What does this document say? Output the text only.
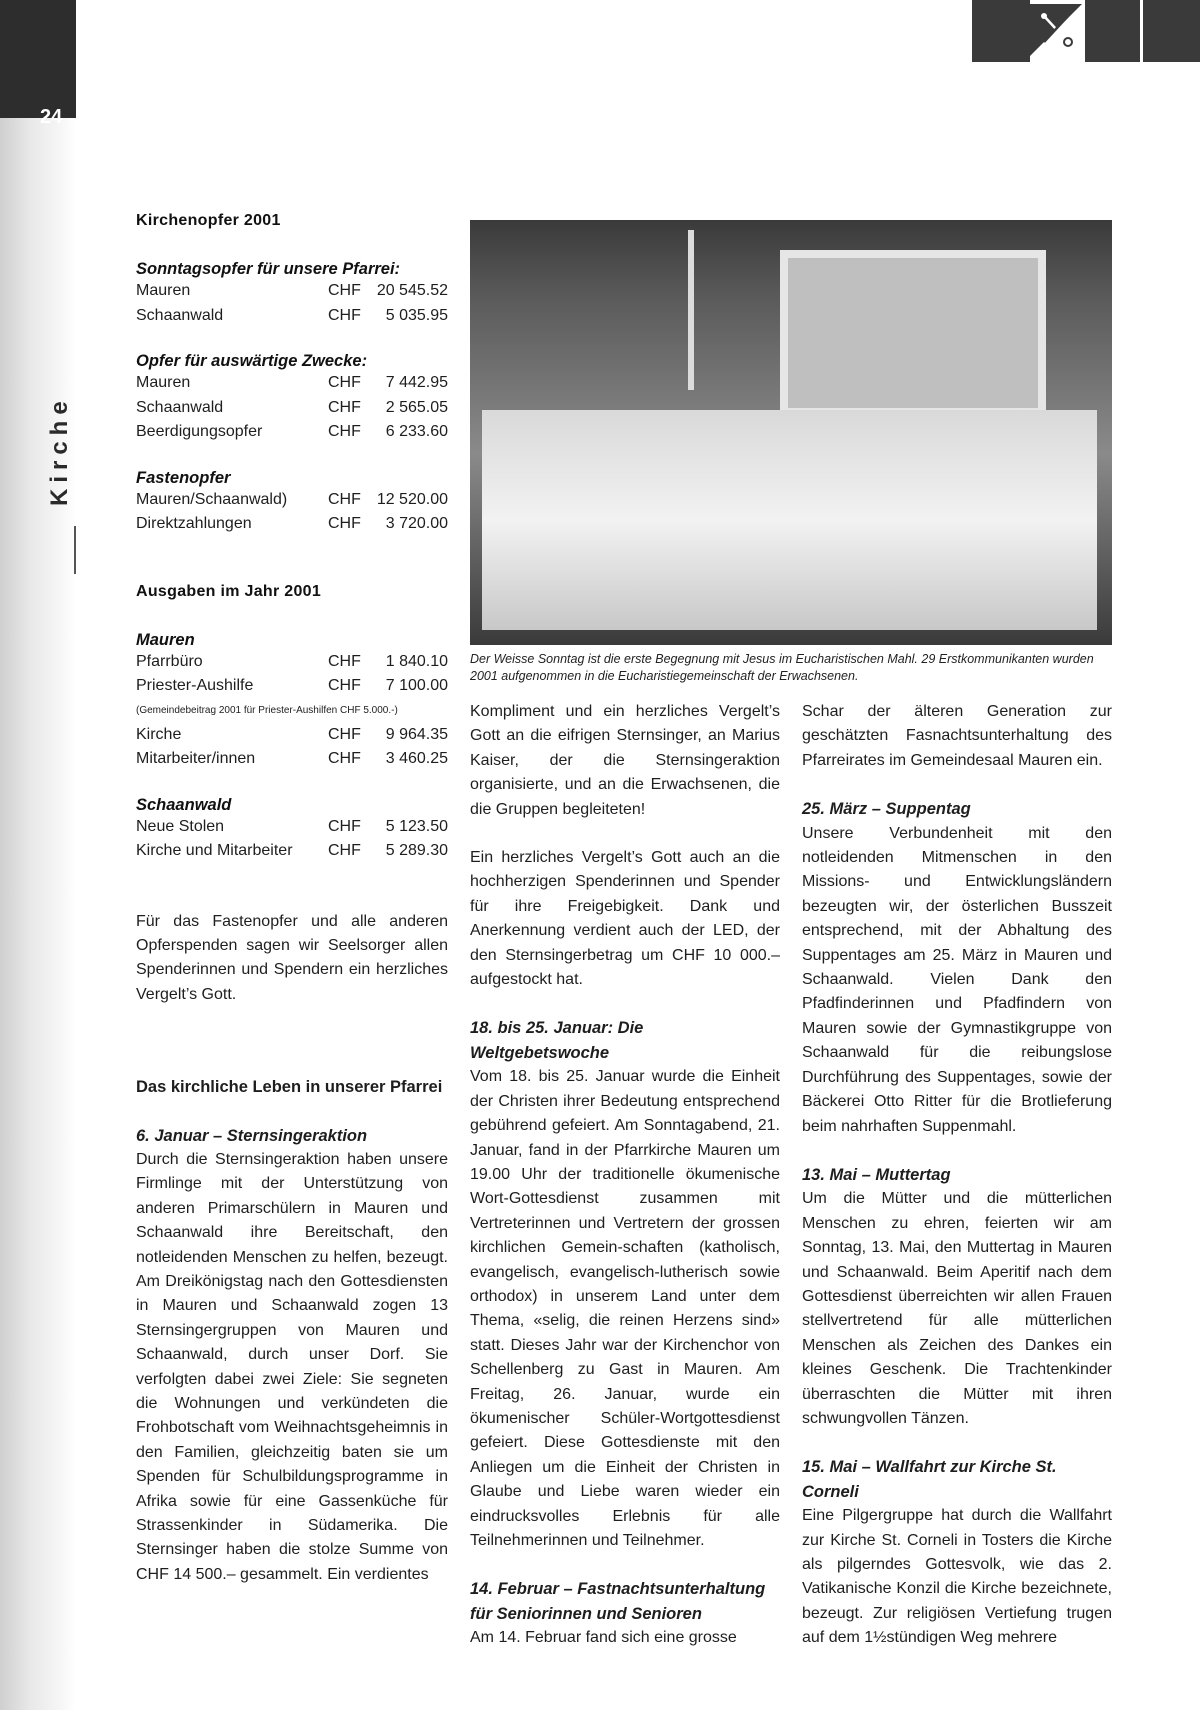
24
Kirche
Kirchenopfer 2001

Sonntagsopfer für unsere Pfarrei:

Mauren	CHF 20 545.52
Schaanwald	CHF	5 035.95

Opfer für auswärtige Zwecke:

Mauren	CHF	7 442.95
Schaanwald	CHF	2 565.05
Beerdigungsopfer	CHF	6 233.60

Fastenopfer

Mauren/Schaanwald)	CHF 12 520.00
Direktzahlungen	CHF	3 720.00
Ausgaben im Jahr 2001

Mauren

Pfarrbüro	CHF	1 840.10
Priester-Aushilfe	CHF	7 100.00
(Gemeindebeitrag 2001 für Priester-Aushilfen CHF 5.000.-)
Kirche	CHF	9 964.35
Mitarbeiter/innen	CHF	3 460.25

Schaanwald

Neue Stolen	CHF	5 123.50
Kirche und Mitarbeiter	CHF	5 289.30

Für das Fastenopfer und alle anderen Opferspenden sagen wir Seelsorger allen Spenderinnen und Spendern ein herzliches Vergelt’s Gott.

Das kirchliche Leben in unserer Pfarrei

6. Januar – Sternsingeraktion

Durch die Sternsingeraktion haben unsere Firmlinge mit der Unterstützung von anderen Primarschülern in Mauren und Schaanwald ihre Bereitschaft, den notleidenden Menschen zu helfen, bezeugt. Am Dreikönigstag nach den Gottesdiensten in Mauren und Schaanwald zogen 13 Sternsingergruppen von Mauren und Schaanwald, durch unser Dorf. Sie verfolgten dabei zwei Ziele: Sie segneten die Wohnungen und verkündeten die Frohbotschaft vom Weihnachtsgeheimnis in den Familien, gleichzeitig baten sie um Spenden für Schulbildungsprogramme in Afrika sowie für eine Gassenküche für Strassenkinder in Südamerika. Die Sternsinger haben die stolze Summe von CHF 14 500.– gesammelt. Ein verdientes

Der Weisse Sonntag ist die erste Begegnung mit Jesus im Eucharistischen Mahl. 29 Erstkommunikanten wurden 2001 aufgenommen in die Eucharistiegemeinschaft der Erwachsenen.

Kompliment und ein herzliches Vergelt’s Gott an die eifrigen Sternsinger, an Marius Kaiser, der die Sternsingeraktion organisierte, und an die Erwachsenen, die die Gruppen begleiteten!

Ein herzliches Vergelt’s Gott auch an die hochherzigen Spenderinnen und Spender für ihre Freigebigkeit. Dank und Anerkennung verdient auch der LED, der den Sternsingerbetrag um CHF 10 000.– aufgestockt hat.

18. bis 25. Januar: Die Weltgebetswoche

Vom 18. bis 25. Januar wurde die Einheit der Christen ihrer Bedeutung entsprechend gebührend gefeiert. Am Sonntagabend, 21. Januar, fand in der Pfarrkirche Mauren um 19.00 Uhr der traditionelle ökumenische Wort-Gottesdienst zusammen mit Vertreterinnen und Vertretern der grossen kirchlichen Gemein-schaften (katholisch, evangelisch, evangelisch-lutherisch sowie orthodox) in unserem Land unter dem Thema, «selig, die reinen Herzens sind» statt. Dieses Jahr war der Kirchenchor von Schellenberg zu Gast in Mauren. Am Freitag, 26. Januar, wurde ein ökumenischer Schüler-Wortgottesdienst gefeiert. Diese Gottesdienste mit den Anliegen um die Einheit der Christen in Glaube und Liebe waren wieder ein eindrucksvolles Erlebnis für alle Teilnehmerinnen und Teilnehmer.

14. Februar – Fastnachtsunterhaltung für Seniorinnen und Senioren

Am 14. Februar fand sich eine grosse

Schar der älteren Generation zur geschätzten Fasnachtsunterhaltung des Pfarreirates im Gemeindesaal Mauren ein.

25. März – Suppentag

Unsere Verbundenheit mit den notleidenden Mitmenschen in den Missions- und Entwicklungsländern bezeugten wir, der österlichen Busszeit entsprechend, mit der Abhaltung des Suppentages am 25. März in Mauren und Schaanwald. Vielen Dank den Pfadfinderinnen und Pfadfindern von Mauren sowie der Gymnastikgruppe von Schaanwald für die reibungslose Durchführung des Suppentages, sowie der Bäckerei Otto Ritter für die Brotlieferung beim nahrhaften Suppenmahl.

13. Mai – Muttertag

Um die Mütter und die mütterlichen Menschen zu ehren, feierten wir am Sonntag, 13. Mai, den Muttertag in Mauren und Schaanwald. Beim Aperitif nach dem Gottesdienst überreichten wir allen Frauen stellvertretend für alle mütterlichen Menschen als Zeichen des Dankes ein kleines Geschenk. Die Trachtenkinder überraschten die Mütter mit ihren schwungvollen Tänzen.

15. Mai – Wallfahrt zur Kirche St. Corneli

Eine Pilgergruppe hat durch die Wallfahrt zur Kirche St. Corneli in Tosters die Kirche als pilgerndes Gottesvolk, wie das 2. Vatikanische Konzil die Kirche bezeichnete, bezeugt. Zur religiösen Vertiefung trugen auf dem 1½stündigen Weg mehrere
